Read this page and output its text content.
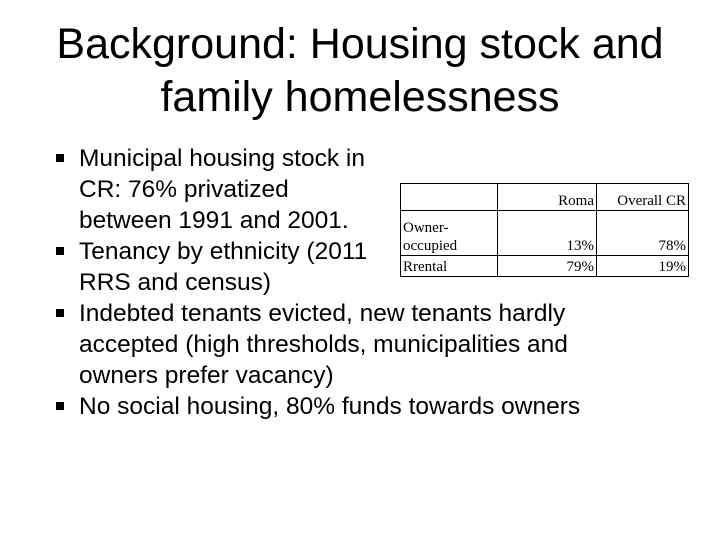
Background: Housing stock and
family homelessness
Municipal housing stock in CR: 76% privatized between 1991 and 2001.
Tenancy by ethnicity (2011 RRS and census)
Indebted tenants evicted, new tenants hardly accepted (high thresholds, municipalities and owners prefer vacancy)
No social housing, 80% funds towards owners
	Roma	Overall CR

Owner-
occupied	13%	78%
Rrental	79%	19%
